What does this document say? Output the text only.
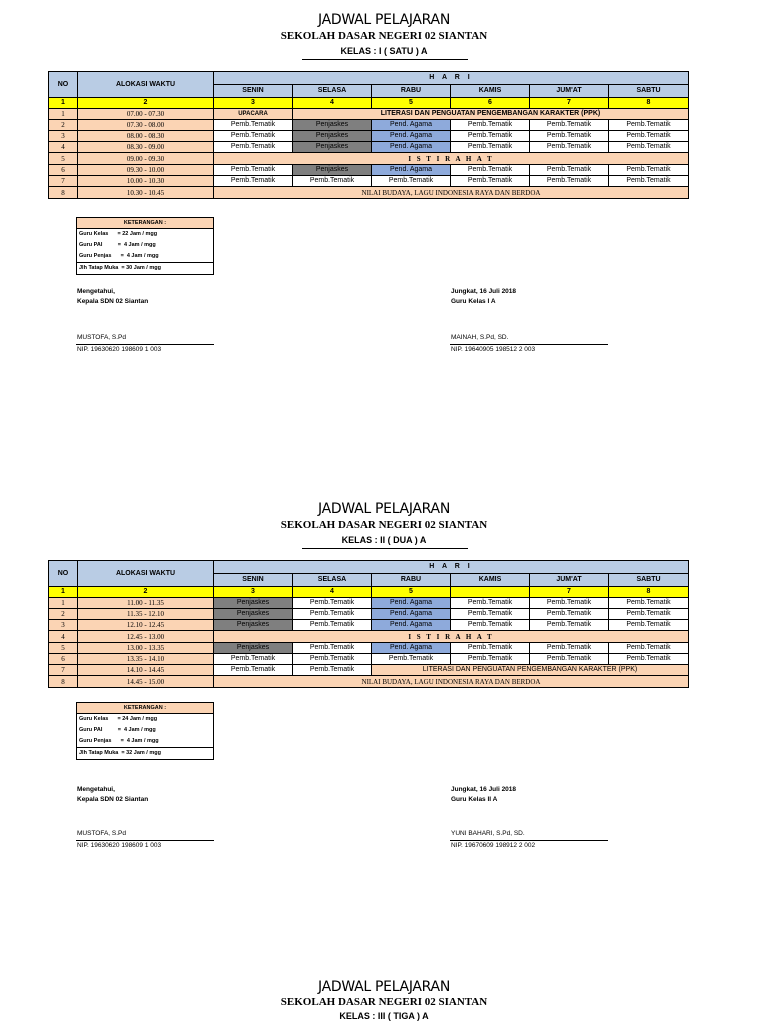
JADWAL PELAJARAN
SEKOLAH DASAR NEGERI 02 SIANTAN
KELAS : I ( SATU ) A
NO	ALOKASI WAKTU	H A R I					
		SENIN	SELASA	RABU	KAMIS	JUM'AT	SABTU
1	2	3	4	5	6	7	8
1	07.00 - 07.30	UPACARA	LITERASI DAN PENGUATAN PENGEMBANGAN KARAKTER (PPK)				
2	07.30 - 08.00	Pemb.Tematik	Penjaskes	Pend. Agama	Pemb.Tematik	Pemb.Tematik	Pemb.Tematik
3	08.00 - 08.30	Pemb.Tematik	Penjaskes	Pend. Agama	Pemb.Tematik	Pemb.Tematik	Pemb.Tematik
4	08.30 - 09.00	Pemb.Tematik	Penjaskes	Pend. Agama	Pemb.Tematik	Pemb.Tematik	Pemb.Tematik
5	09.00 - 09.30	I S T I R A H A T					
6	09.30 - 10.00	Pemb.Tematik	Penjaskes	Pend. Agama	Pemb.Tematik	Pemb.Tematik	Pemb.Tematik
7	10.00 - 10.30	Pemb.Tematik	Pemb.Tematik	Pemb.Tematik	Pemb.Tematik	Pemb.Tematik	Pemb.Tematik
8	10.30 - 10.45	NILAI BUDAYA, LAGU INDONESIA RAYA DAN BERDOA					
KETERANGAN :
Guru Kelas      = 22 Jam / mgg
Guru PAI          =  4 Jam / mgg
Guru Penjas      =  4 Jam / mgg
Jlh Tatap Muka  = 30 Jam / mgg
Mengetahui,
Kepala SDN 02 Siantan
MUSTOFA, S.Pd
NIP. 19630620 198609 1 003
Jungkat, 16 Juli 2018
Guru Kelas I A
MAINAH, S.Pd, SD.
NIP. 19640905 198512 2 003
JADWAL PELAJARAN
SEKOLAH DASAR NEGERI 02 SIANTAN
KELAS : II ( DUA ) A
NO	ALOKASI WAKTU	H A R I					
		SENIN	SELASA	RABU	KAMIS	JUM'AT	SABTU
1	2	3	4	5		7	8
1	11.00 - 11.35	Penjaskes	Pemb.Tematik	Pend. Agama	Pemb.Tematik	Pemb.Tematik	Pemb.Tematik
2	11.35 - 12.10	Penjaskes	Pemb.Tematik	Pend. Agama	Pemb.Tematik	Pemb.Tematik	Pemb.Tematik
3	12.10 - 12.45	Penjaskes	Pemb.Tematik	Pend. Agama	Pemb.Tematik	Pemb.Tematik	Pemb.Tematik
4	12.45 - 13.00	I S T I R A H A T					
5	13.00 - 13.35	Penjaskes	Pemb.Tematik	Pend. Agama	Pemb.Tematik	Pemb.Tematik	Pemb.Tematik
6	13.35 - 14.10	Pemb.Tematik	Pemb.Tematik	Pemb.Tematik	Pemb.Tematik	Pemb.Tematik	Pemb.Tematik
7	14.10 - 14.45	Pemb.Tematik	Pemb.Tematik	LITERASI DAN PENGUATAN PENGEMBANGAN KARAKTER (PPK)			
8	14.45 - 15.00	NILAI BUDAYA, LAGU INDONESIA RAYA DAN BERDOA					
KETERANGAN :
Guru Kelas      = 24 Jam / mgg
Guru PAI          =  4 Jam / mgg
Guru Penjas      =  4 Jam / mgg
Jlh Tatap Muka  = 32 Jam / mgg
Mengetahui,
Kepala SDN 02 Siantan
MUSTOFA, S.Pd
NIP. 19630620 198609 1 003
Jungkat, 16 Juli 2018
Guru Kelas II A
YUNI BAHARI, S.Pd, SD.
NIP. 19670609 198912 2 002
JADWAL PELAJARAN
SEKOLAH DASAR NEGERI 02 SIANTAN
KELAS : III ( TIGA ) A
